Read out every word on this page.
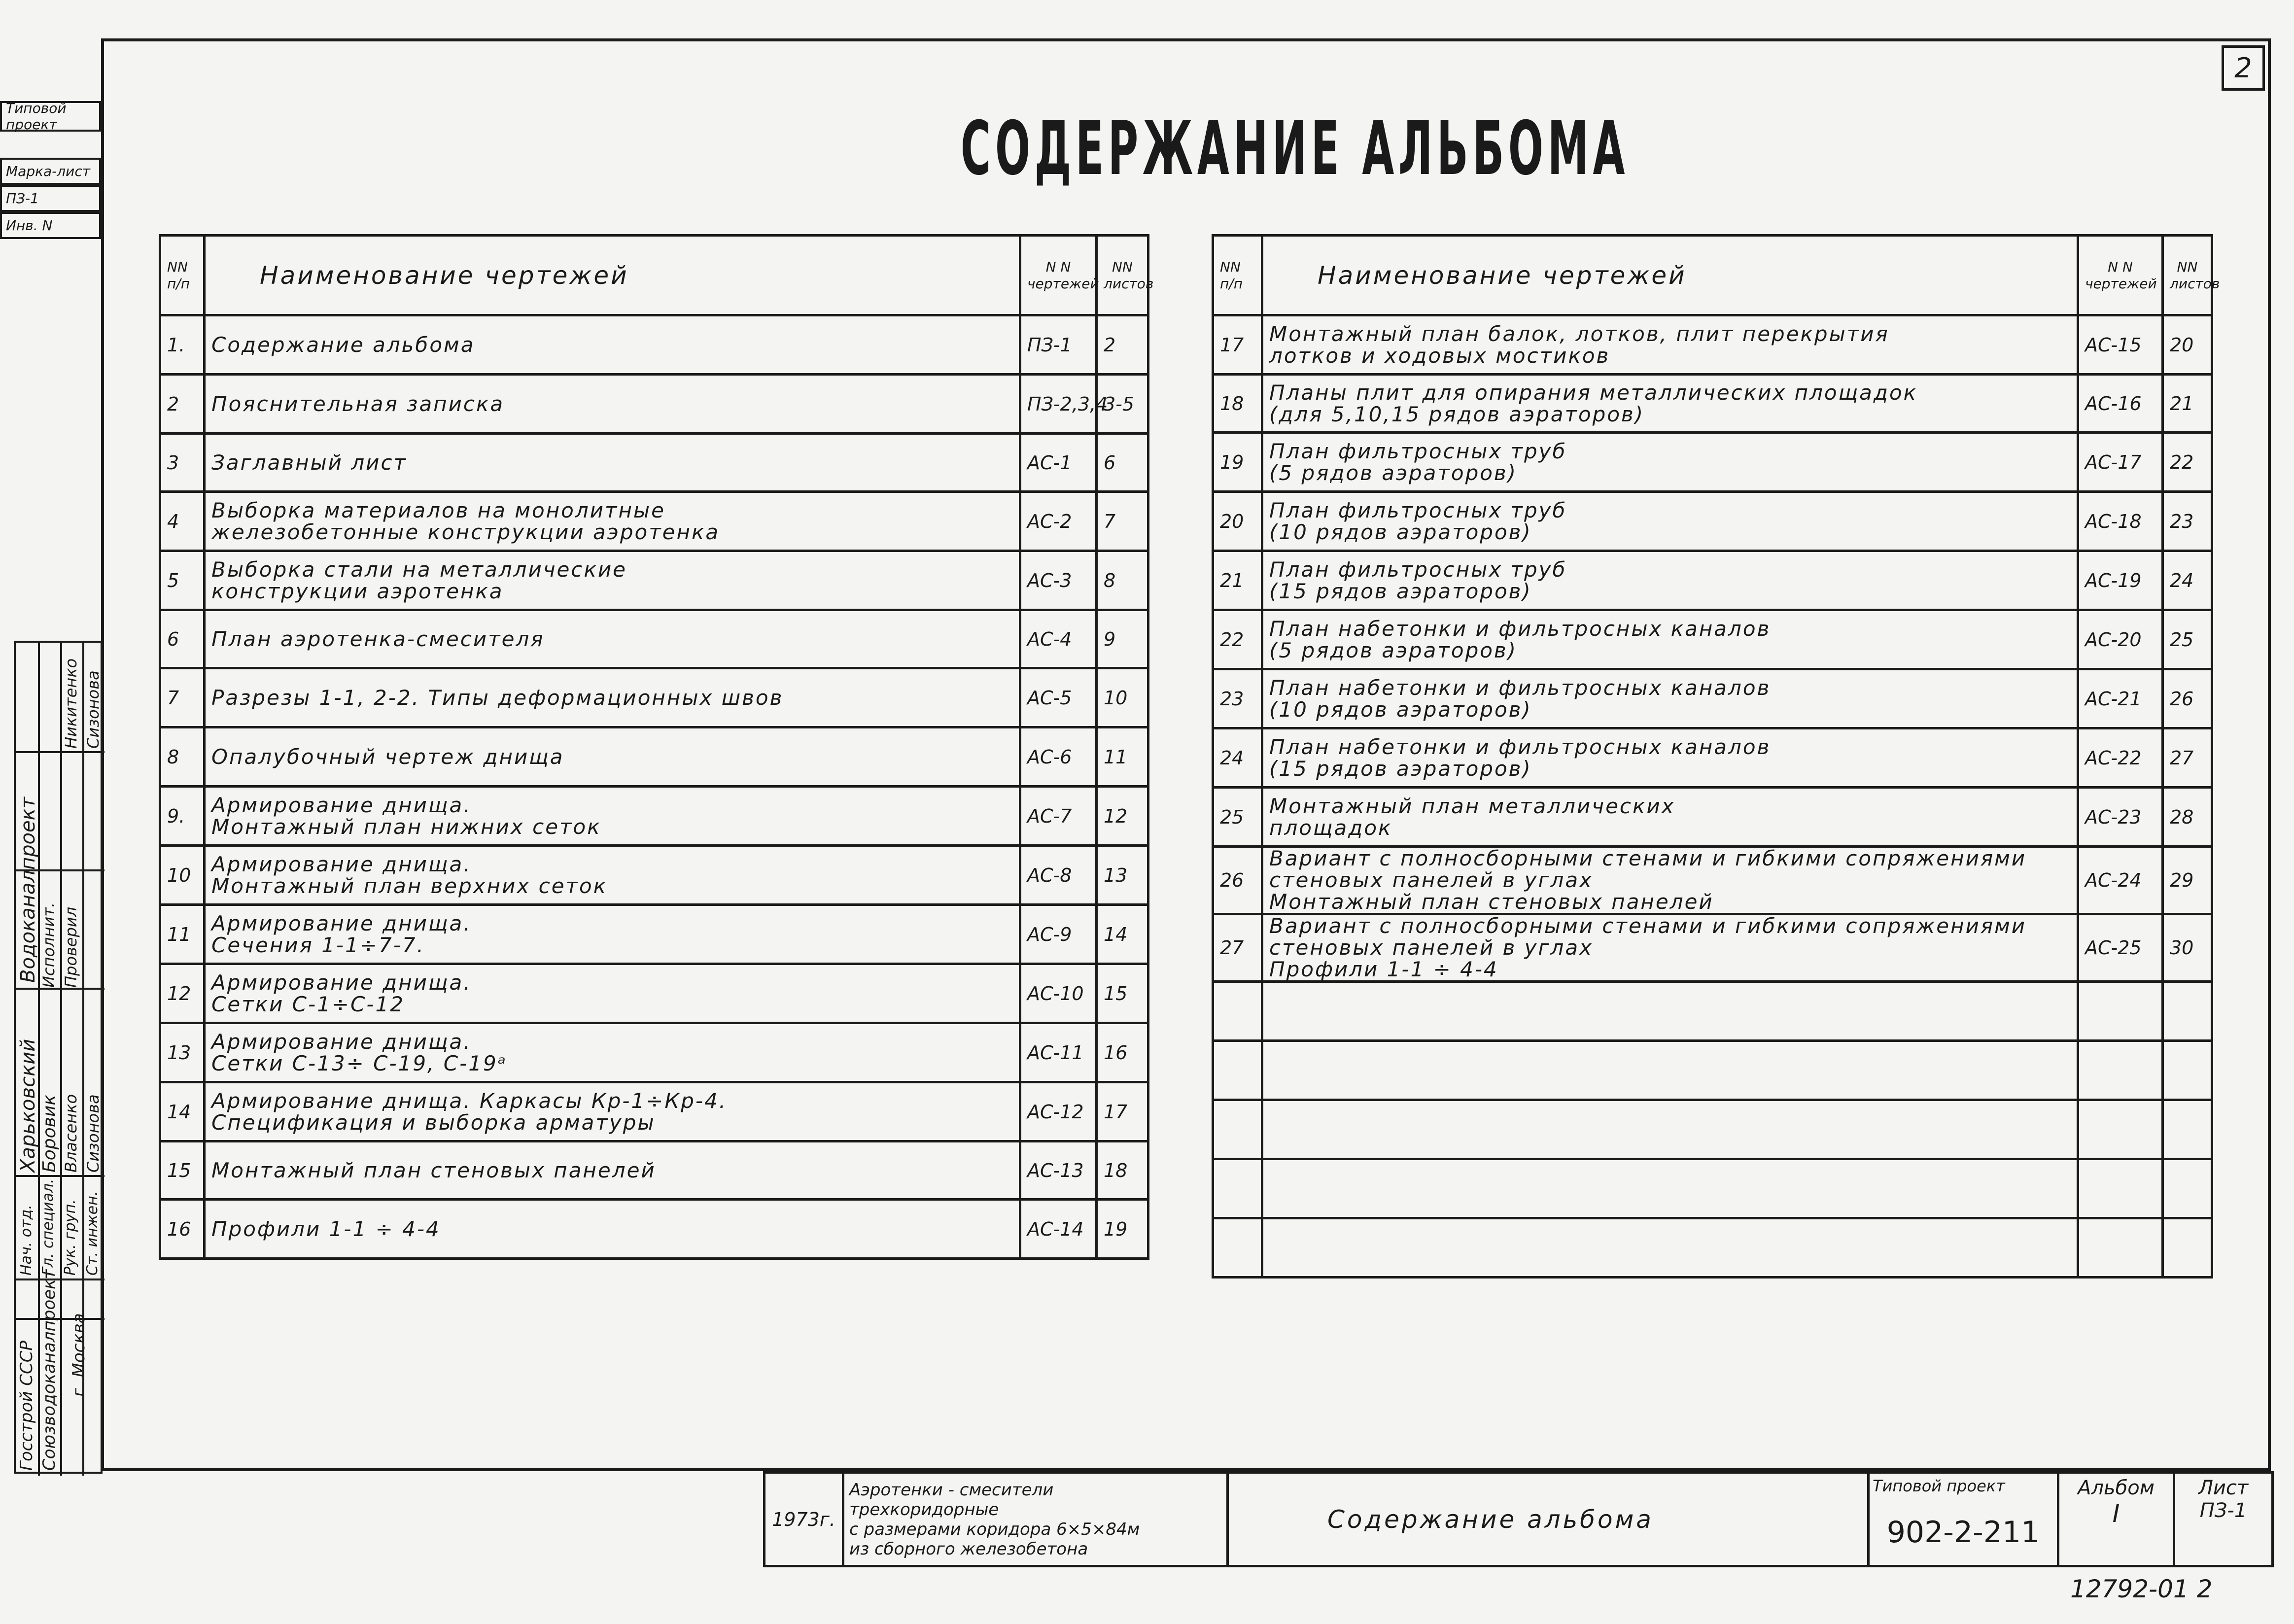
2
СОДЕРЖАНИЕ АЛЬБОМА
Типовой проект
Марка-лист
ПЗ-1
Инв. N
Нач. отд. Гл. специал. Рук. груп. Ст. инжен.
Харьковский
Водоканалпроект
Боровик Власенко Сизонова
Исполнит. Проверил
Никитенко Сизонова
Госстрой СССР Союзводоканалпроект г. Москва
NN п/п	Наименование чертежей	N N чертежей	NN листов
1.	Содержание альбома	ПЗ-1	2
2	Пояснительная записка	ПЗ-2,3,4	3-5
3	Заглавный лист	АС-1	6
4	Выборка материалов на монолитные
железобетонные конструкции аэротенка	АС-2	7
5	Выборка стали на металлические
конструкции аэротенка	АС-3	8
6	План аэротенка-смесителя	АС-4	9
7	Разрезы 1-1, 2-2. Типы деформационных швов	АС-5	10
8	Опалубочный чертеж днища	АС-6	11
9.	Армирование днища.
Монтажный план нижних сеток	АС-7	12
10	Армирование днища.
Монтажный план верхних сеток	АС-8	13
11	Армирование днища.
Сечения 1-1÷7-7.	АС-9	14
12	Армирование днища.
Сетки С-1÷С-12	АС-10	15
13	Армирование днища.
Сетки С-13÷ С-19, С-19ᵃ	АС-11	16
14	Армирование днища. Каркасы Кр-1÷Кр-4.
Спецификация и выборка арматуры	АС-12	17
15	Монтажный план стеновых панелей	АС-13	18
16	Профили 1-1 ÷ 4-4	АС-14	19
NN п/п	Наименование чертежей	N N чертежей	NN листов
17	Монтажный план балок, лотков, плит перекрытия
лотков и ходовых мостиков	АС-15	20
18	Планы плит для опирания металлических площадок
(для 5,10,15 рядов аэраторов)	АС-16	21
19	План фильтросных труб
(5 рядов аэраторов)	АС-17	22
20	План фильтросных труб
(10 рядов аэраторов)	АС-18	23
21	План фильтросных труб
(15 рядов аэраторов)	АС-19	24
22	План набетонки и фильтросных каналов
(5 рядов аэраторов)	АС-20	25
23	План набетонки и фильтросных каналов
(10 рядов аэраторов)	АС-21	26
24	План набетонки и фильтросных каналов
(15 рядов аэраторов)	АС-22	27
25	Монтажный план металлических
площадок	АС-23	28
26	Вариант с полносборными стенами и гибкими сопряжениями
стеновых панелей в углах
Монтажный план стеновых панелей	АС-24	29
27	Вариант с полносборными стенами и гибкими сопряжениями
стеновых панелей в углах
Профили 1-1 ÷ 4-4	АС-25	30

1973г.	Аэротенки - смесители
трехкоридорные
с размерами коридора 6×5×84м
из сборного железобетона	Содержание альбома	
Типовой проект
902-2-211

Альбом
I

Лист
ПЗ-1
12792-01 2
